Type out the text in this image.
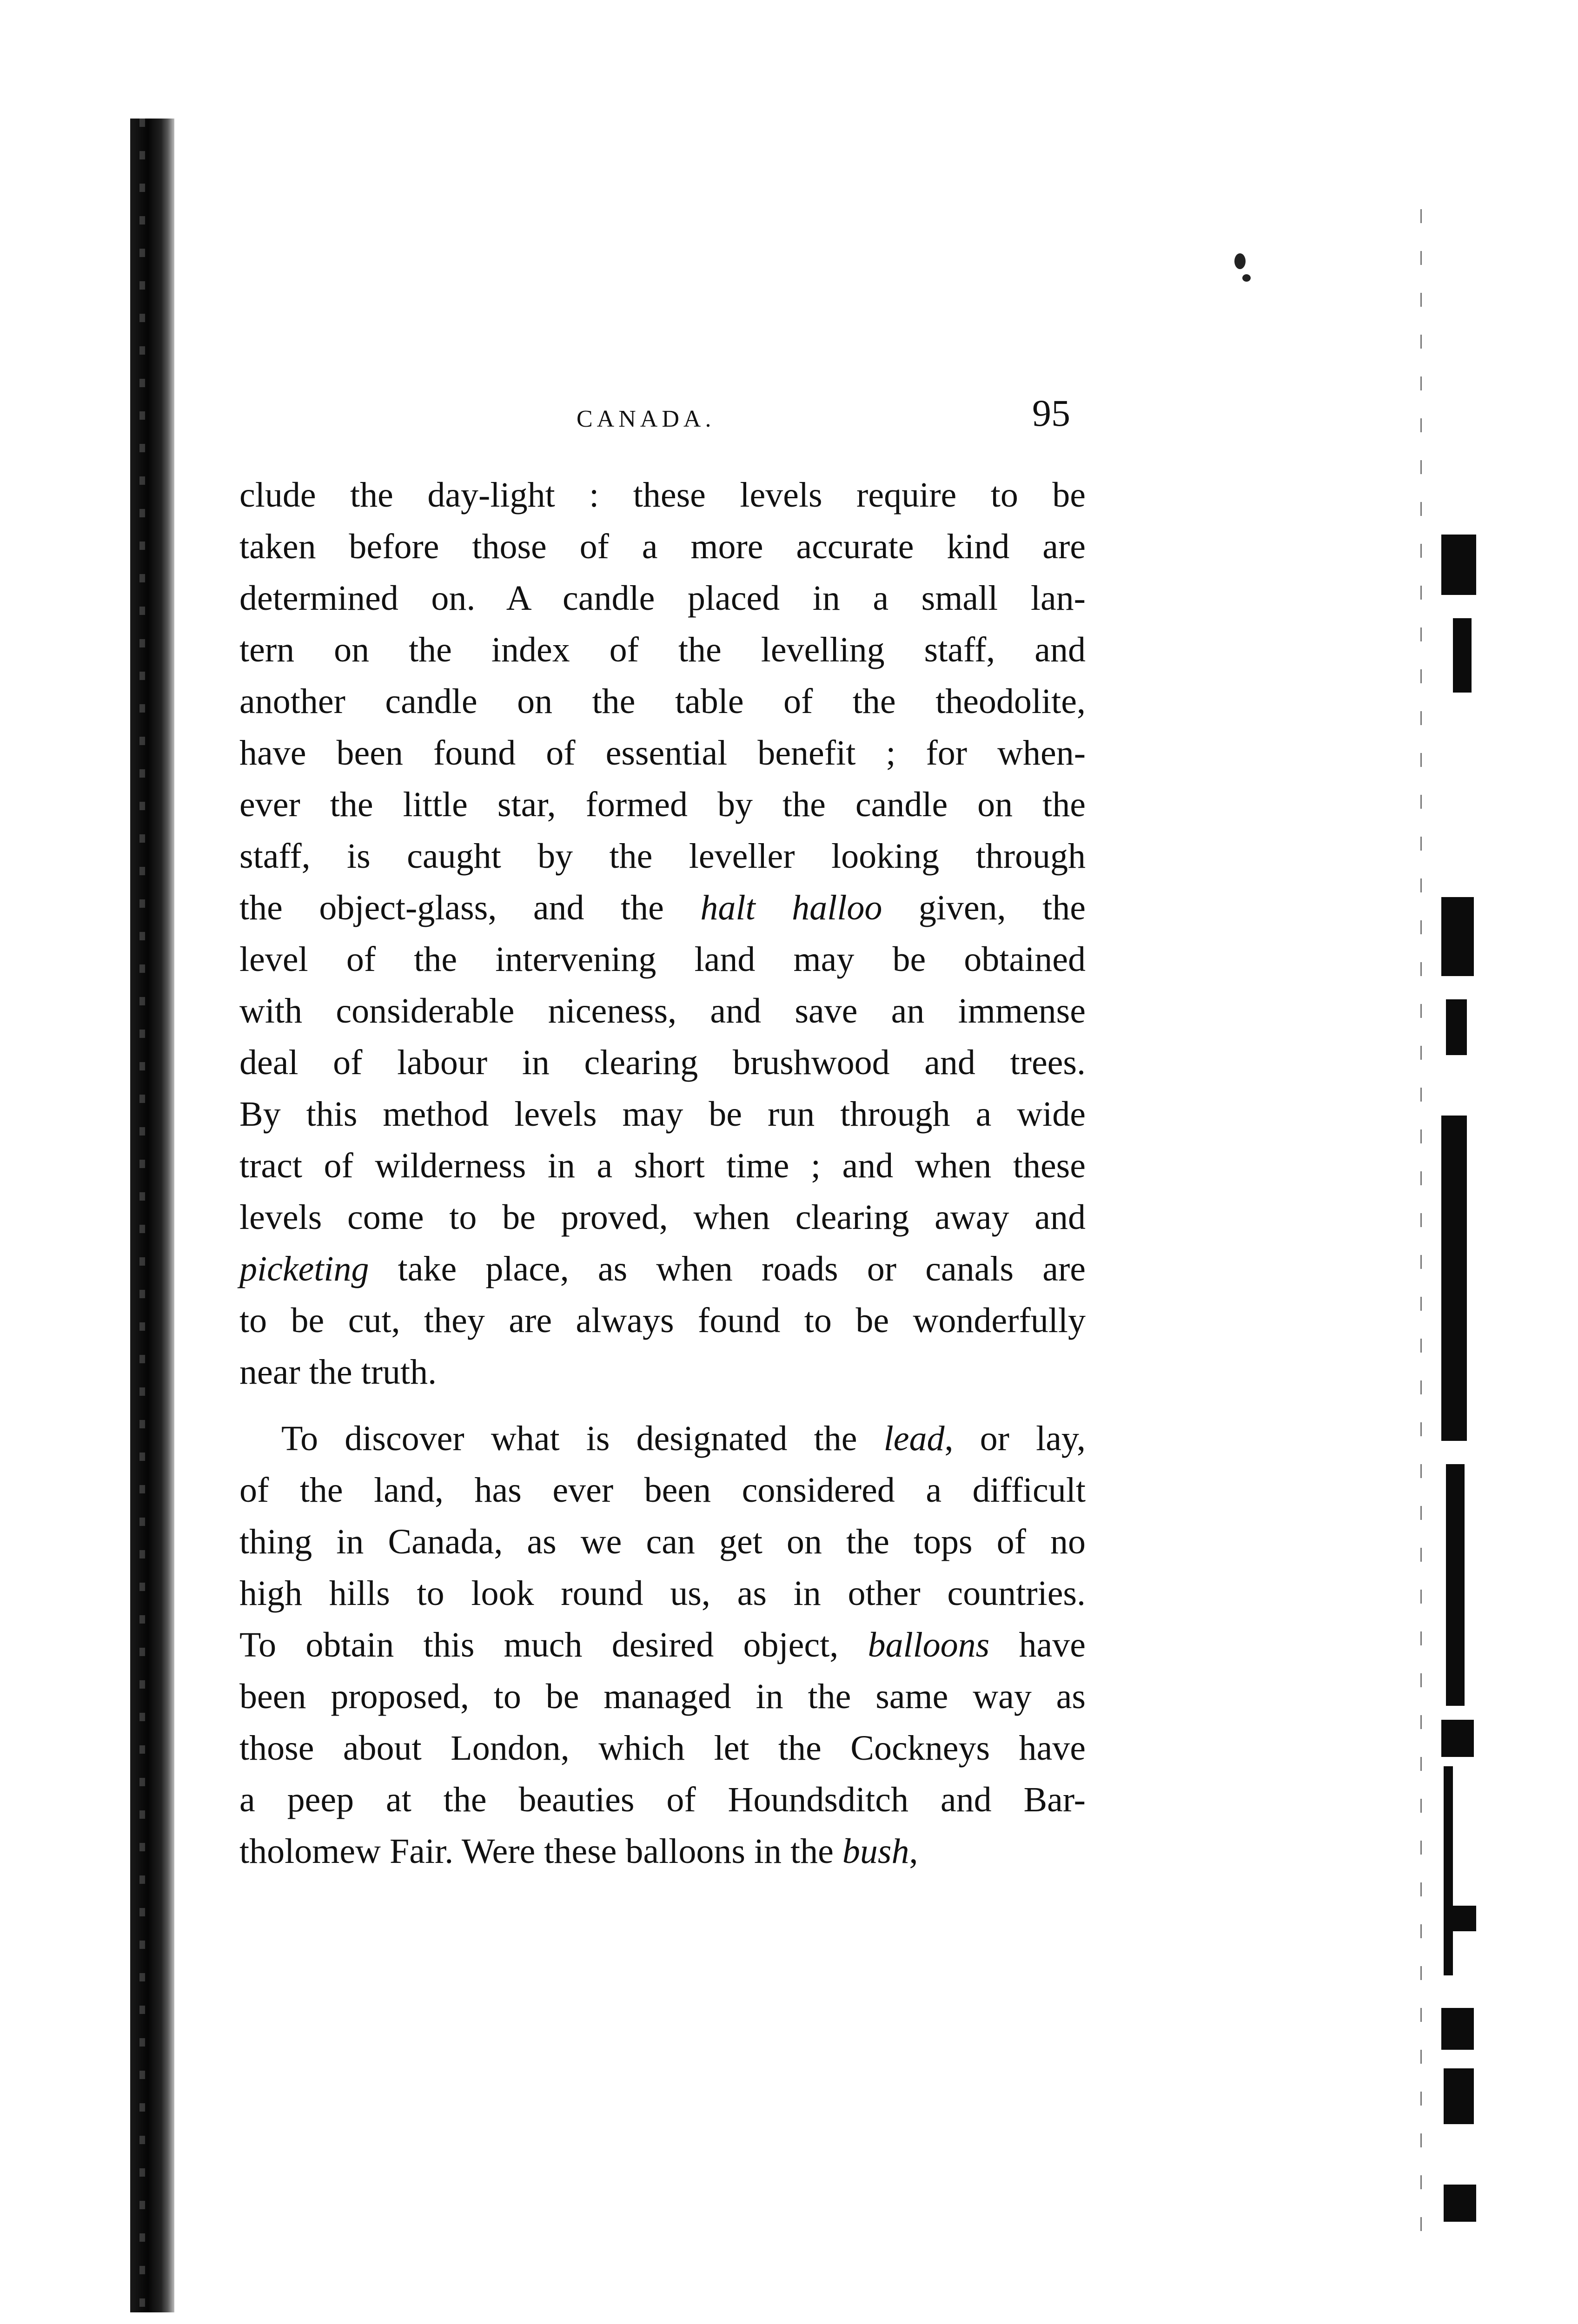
CANADA.	95
clude the day-light : these levels require to be
taken before those of a more accurate kind are
determined on. A candle placed in a small lan-
tern on the index of the levelling staff, and
another candle on the table of the theodolite,
have been found of essential benefit ; for when-
ever the little star, formed by the candle on the
staff, is caught by the leveller looking through
the object-glass, and the halt halloo given, the
level of the intervening land may be obtained
with considerable niceness, and save an immense
deal of labour in clearing brushwood and trees.
By this method levels may be run through a wide
tract of wilderness in a short time ; and when these
levels come to be proved, when clearing away and
picketing take place, as when roads or canals are
to be cut, they are always found to be wonderfully
near the truth.
To discover what is designated the lead, or lay,
of the land, has ever been considered a difficult
thing in Canada, as we can get on the tops of no
high hills to look round us, as in other countries.
To obtain this much desired object, balloons have
been proposed, to be managed in the same way as
those about London, which let the Cockneys have
a peep at the beauties of Houndsditch and Bar-
tholomew Fair. Were these balloons in the bush,
